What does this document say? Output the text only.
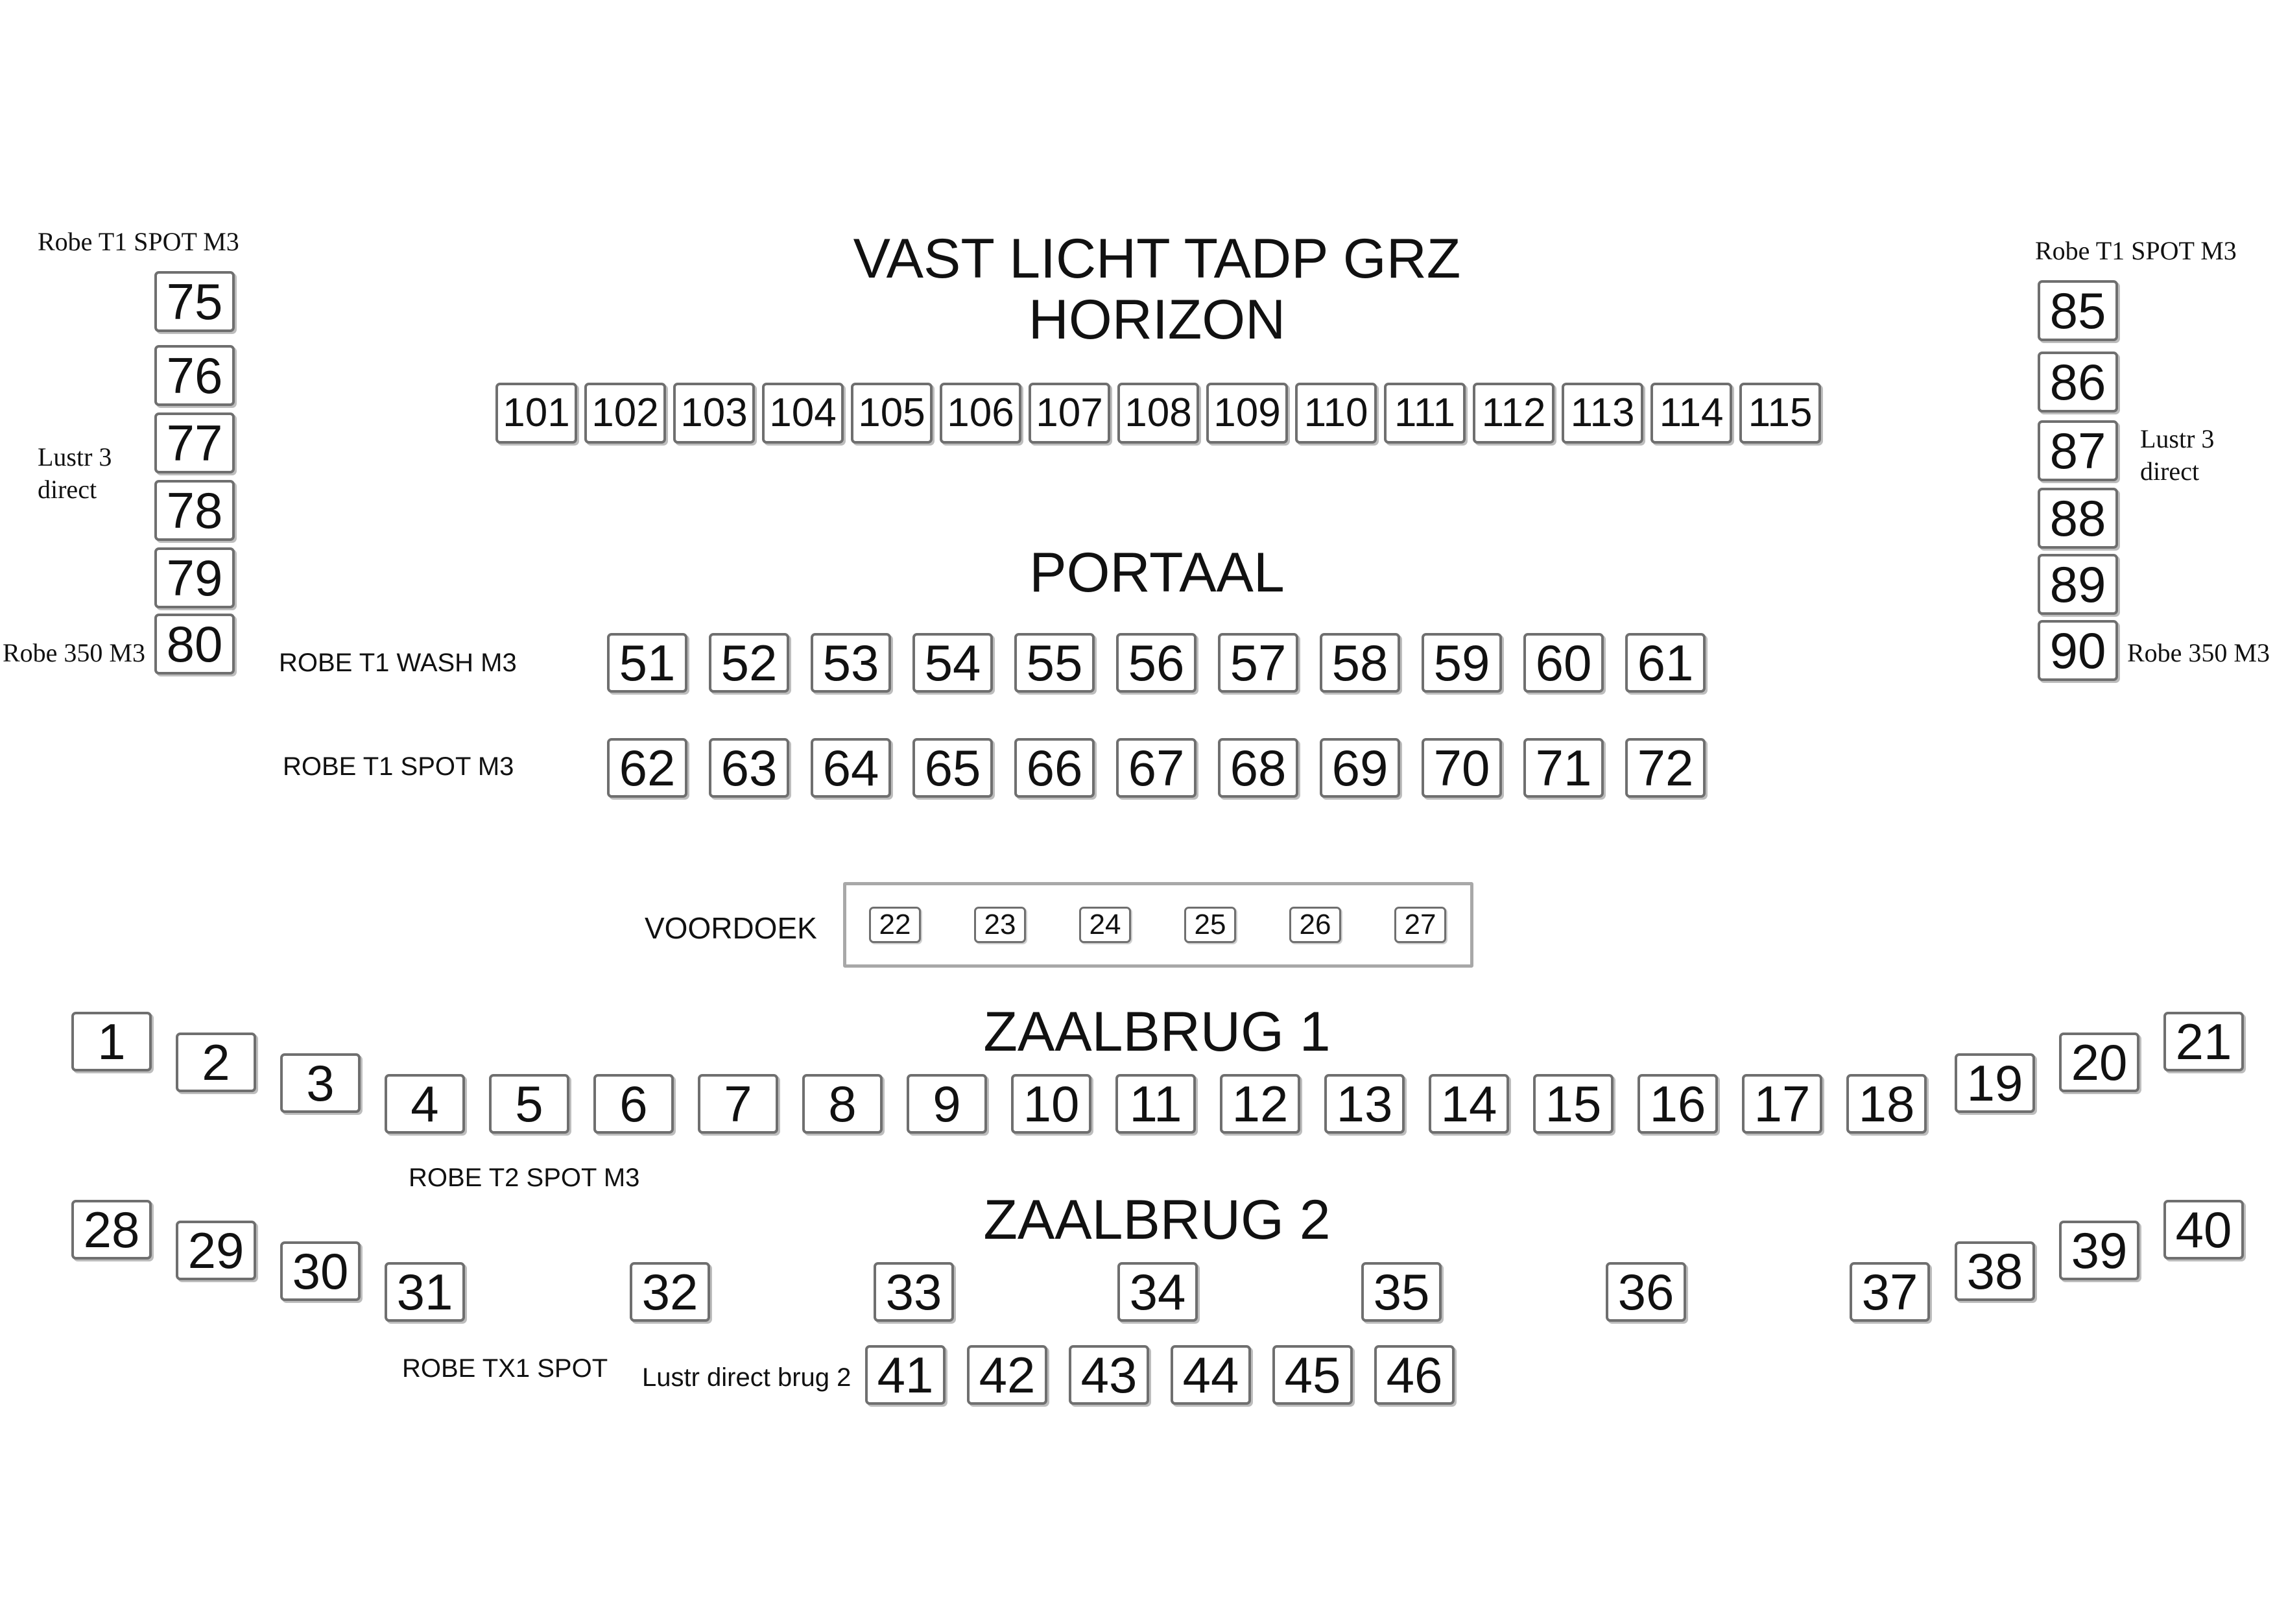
VAST LICHT TADP GRZ
HORIZON
PORTAAL
ZAALBRUG 1
ZAALBRUG 2
Robe T1 SPOT M3
Lustr 3
direct
Robe 350 M3
Robe T1 SPOT M3
Lustr 3
direct
Robe 350 M3
ROBE T1 WASH M3
ROBE T1 SPOT M3
VOORDOEK
ROBE T2 SPOT M3
ROBE TX1 SPOT Lustr direct brug 2
75
76
77
78
79
80
85
86
87
88
89
90
101 102 103 104 105 106 107 108 109 110 111 112 113 114 115
51 52 53 54 55 56 57 58 59 60 61
62 63 64 65 66 67 68 69 70 71 72
22	23	24	25	26	27
1	2	3	4	5	6	7	8	9	10 11 12 13 14 15 16 17 18 19 20 21
28 29 30 31	32	33	34	35	36	37 38 39 40
41 42 43 44 45 46
